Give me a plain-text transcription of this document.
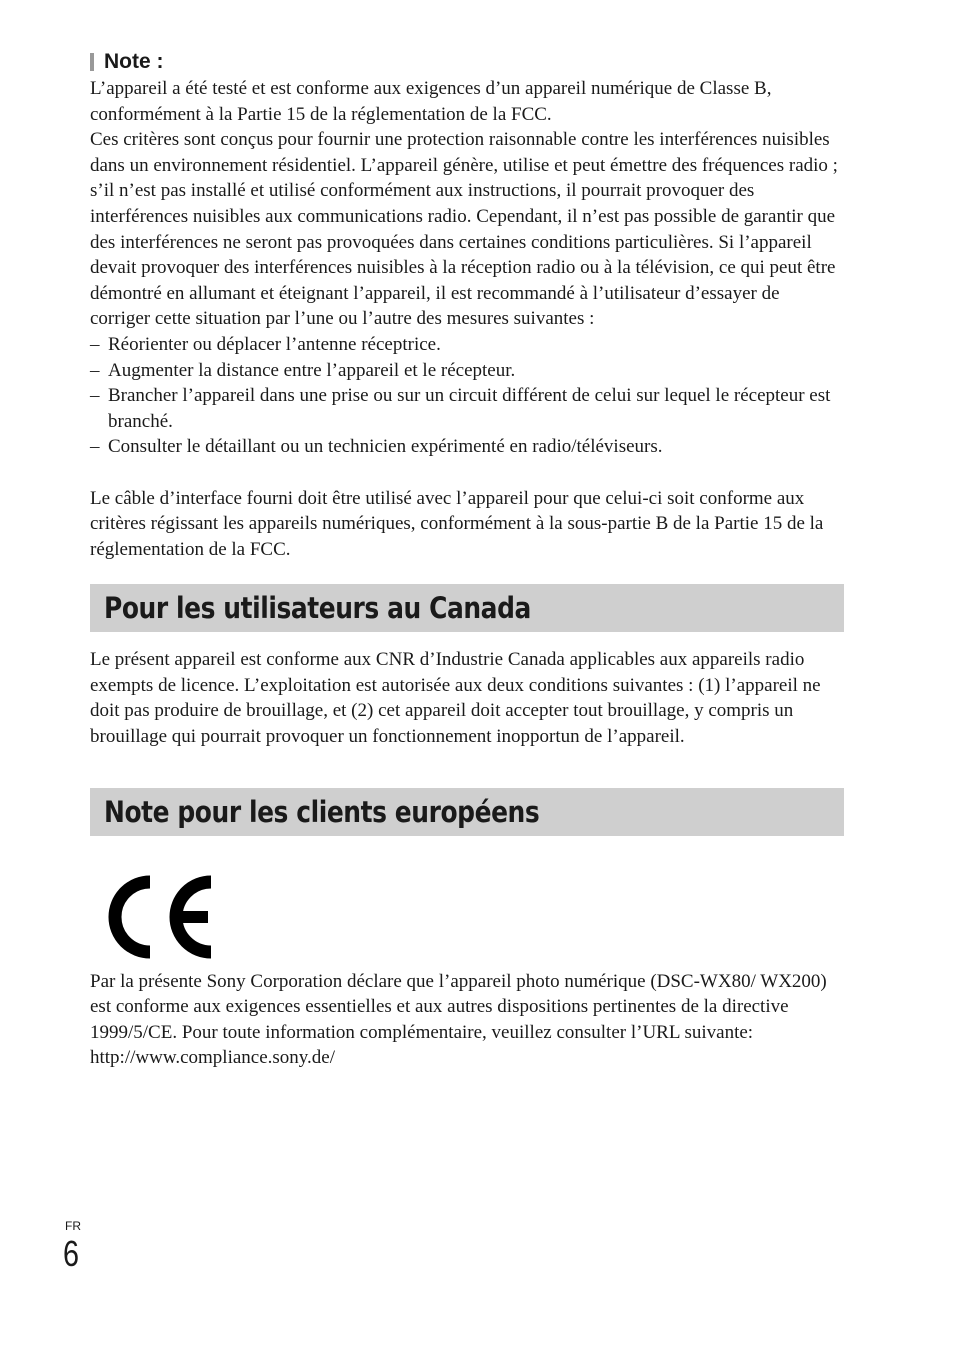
Note :

L’appareil a été testé et est conforme aux exigences d’un appareil numérique de Classe B, conformément à la Partie 15 de la réglementation de la FCC.

Ces critères sont conçus pour fournir une protection raisonnable contre les interférences nuisibles dans un environnement résidentiel. L’appareil génère, utilise et peut émettre des fréquences radio ; s’il n’est pas installé et utilisé conformément aux instructions, il pourrait provoquer des interférences nuisibles aux communications radio. Cependant, il n’est pas possible de garantir que des interférences ne seront pas provoquées dans certaines conditions particulières. Si l’appareil devait provoquer des interférences nuisibles à la réception radio ou à la télévision, ce qui peut être démontré en allumant et éteignant l’appareil, il est recommandé à l’utilisateur d’essayer de corriger cette situation par l’une ou l’autre des mesures suivantes :

– Réorienter ou déplacer l’antenne réceptrice.
– Augmenter la distance entre l’appareil et le récepteur.
– Brancher l’appareil dans une prise ou sur un circuit différent de celui sur lequel le récepteur est branché.
– Consulter le détaillant ou un technicien expérimenté en radio/téléviseurs.

Le câble d’interface fourni doit être utilisé avec l’appareil pour que celui-ci soit conforme aux critères régissant les appareils numériques, conformément à la sous-partie B de la Partie 15 de la réglementation de la FCC.

Pour les utilisateurs au Canada

Le présent appareil est conforme aux CNR d’Industrie Canada applicables aux appareils radio exempts de licence. L’exploitation est autorisée aux deux conditions suivantes : (1) l’appareil ne doit pas produire de brouillage, et (2) cet appareil doit accepter tout brouillage, y compris un brouillage qui pourrait provoquer un fonctionnement inopportun de l’appareil.

Note pour les clients européens

Par la présente Sony Corporation déclare que l’appareil photo numérique (DSC-WX80/ WX200) est conforme aux exigences essentielles et aux autres dispositions pertinentes de la directive 1999/5/CE. Pour toute information complémentaire, veuillez consulter l’URL suivante:

http://www.compliance.sony.de/

FR
6
